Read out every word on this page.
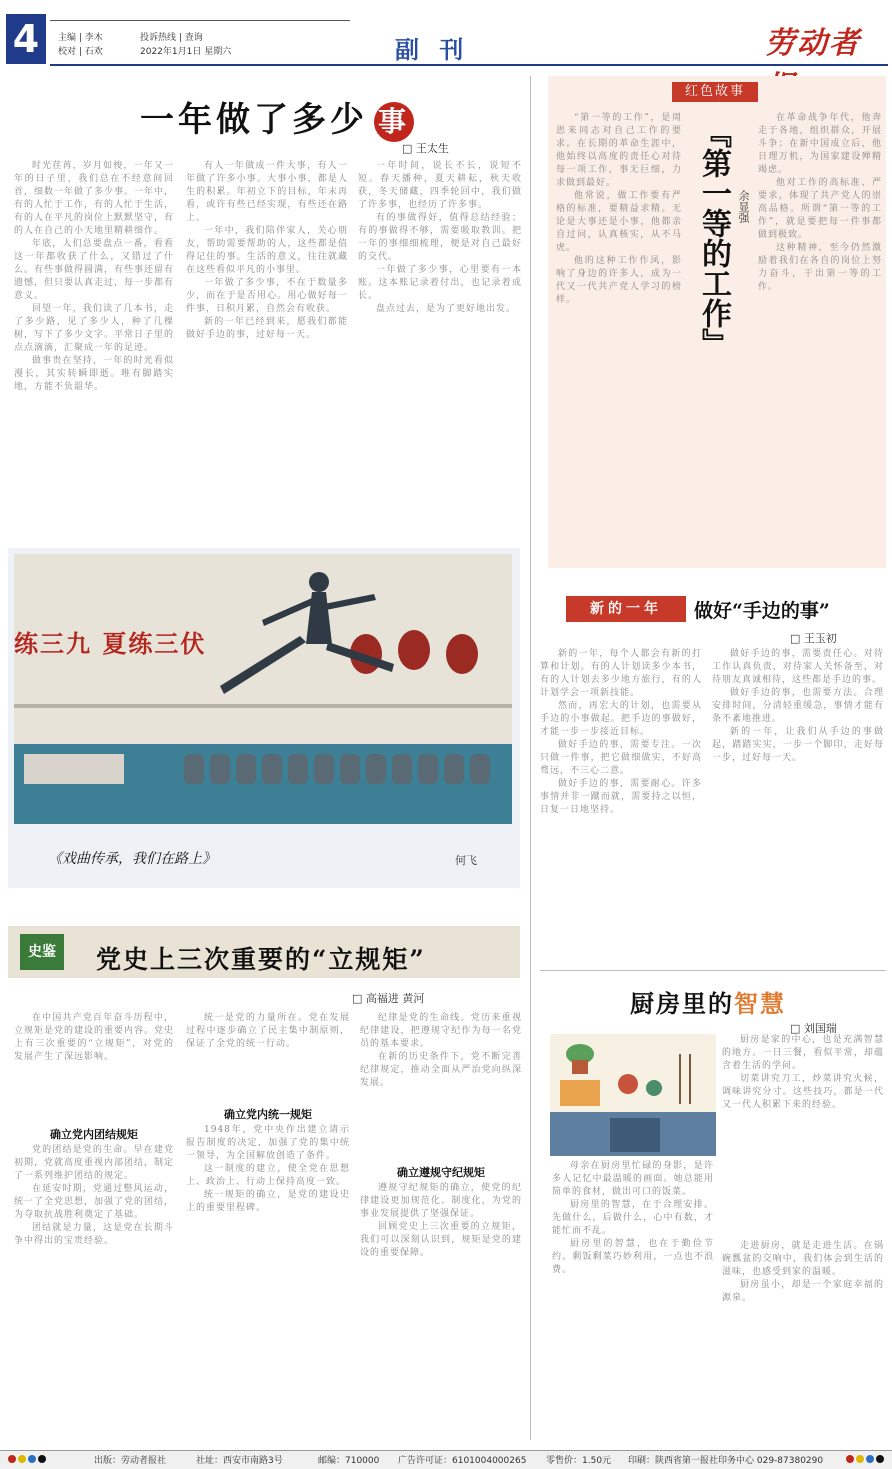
4	主编 | 李木
校对 | 石欢
投诉热线 | 查询
2022年1月1日 星期六	副 刊	劳动者
一年做了多少 事
□ 王太生

时光荏苒，岁月如梭，一年又一年的日子里，我们总在不经意间回首，细数一年做了多少事。一年中，有的人忙于工作，有的人忙于生活，有的人在平凡的岗位上默默坚守，有的人在自己的小天地里精耕细作。

年底，人们总要盘点一番，看看这一年都收获了什么，又错过了什么。有些事做得圆满，有些事还留有遗憾，但只要认真走过，每一步都有意义。

回望一年，我们读了几本书，走了多少路，见了多少人，种了几棵树，写下了多少文字。平常日子里的点点滴滴，汇聚成一年的足迹。

做事贵在坚持，一年的时光看似漫长，其实转瞬即逝。唯有脚踏实地，方能不负韶华。

有人一年做成一件大事，有人一年做了许多小事。大事小事，都是人生的积累。年初立下的目标，年末再看，或许有些已经实现，有些还在路上。

一年中，我们陪伴家人，关心朋友，帮助需要帮助的人，这些都是值得记住的事。生活的意义，往往就藏在这些看似平凡的小事里。

一年做了多少事，不在于数量多少，而在于是否用心。用心做好每一件事，日积月累，自然会有收获。

新的一年已经到来，愿我们都能做好手边的事，过好每一天。

一年时间，说长不长，说短不短。春天播种，夏天耕耘，秋天收获，冬天储藏，四季轮回中，我们做了许多事，也经历了许多事。

有的事做得好，值得总结经验；有的事做得不够，需要吸取教训。把一年的事细细梳理，便是对自己最好的交代。

一年做了多少事，心里要有一本账。这本账记录着付出，也记录着成长。

盘点过去，是为了更好地出发。

红色故事
『第一等的工作』 余显强

“第一等的工作”，是周恩来同志对自己工作的要求。在长期的革命生涯中，他始终以高度的责任心对待每一项工作，事无巨细，力求做到最好。

他常说，做工作要有严格的标准，要精益求精。无论是大事还是小事，他都亲自过问，认真核实，从不马虎。

他的这种工作作风，影响了身边的许多人，成为一代又一代共产党人学习的榜样。

在革命战争年代，他奔走于各地，组织群众，开展斗争；在新中国成立后，他日理万机，为国家建设殚精竭虑。

他对工作的高标准、严要求，体现了共产党人的崇高品格。所谓“第一等的工作”，就是要把每一件事都做到极致。

这种精神，至今仍然激励着我们在各自的岗位上努力奋斗，干出第一等的工作。

练三九 夏练三伏
《戏曲传承，我们在路上》	何飞
新的一年	做好“手边的事”
□ 王玉初

新的一年，每个人都会有新的打算和计划。有的人计划读多少本书，有的人计划去多少地方旅行，有的人计划学会一项新技能。

然而，再宏大的计划，也需要从手边的小事做起。把手边的事做好，才能一步一步接近目标。

做好手边的事，需要专注。一次只做一件事，把它做细做实，不好高骛远，不三心二意。

做好手边的事，需要耐心。许多事情并非一蹴而就，需要持之以恒，日复一日地坚持。

做好手边的事，需要责任心。对待工作认真负责，对待家人关怀备至，对待朋友真诚相待，这些都是手边的事。

做好手边的事，也需要方法。合理安排时间，分清轻重缓急，事情才能有条不紊地推进。

新的一年，让我们从手边的事做起，踏踏实实，一步一个脚印，走好每一步，过好每一天。

史鉴	党史上三次重要的“立规矩”
□ 高福进 黄河

在中国共产党百年奋斗历程中，立规矩是党的建设的重要内容。党史上有三次重要的“立规矩”，对党的发展产生了深远影响。

确立党内团结规矩

党的团结是党的生命。早在建党初期，党就高度重视内部团结，制定了一系列维护团结的规定。

在延安时期，党通过整风运动，统一了全党思想，加强了党的团结，为夺取抗战胜利奠定了基础。

团结就是力量，这是党在长期斗争中得出的宝贵经验。

统一是党的力量所在。党在发展过程中逐步确立了民主集中制原则，保证了全党的统一行动。

确立党内统一规矩

1948年，党中央作出建立请示报告制度的决定，加强了党的集中统一领导，为全国解放创造了条件。

这一制度的建立，使全党在思想上、政治上、行动上保持高度一致。

统一规矩的确立，是党的建设史上的重要里程碑。

纪律是党的生命线。党历来重视纪律建设，把遵规守纪作为每一名党员的基本要求。

在新的历史条件下，党不断完善纪律规定，推动全面从严治党向纵深发展。

确立遵规守纪规矩

遵规守纪规矩的确立，使党的纪律建设更加规范化、制度化，为党的事业发展提供了坚强保证。

回顾党史上三次重要的立规矩，我们可以深刻认识到，规矩是党的建设的重要保障。

厨房里的智慧
□ 刘国瑞

厨房是家的中心，也是充满智慧的地方。一日三餐，看似平常，却蕴含着生活的学问。

切菜讲究刀工，炒菜讲究火候，调味讲究分寸。这些技巧，都是一代又一代人积累下来的经验。

母亲在厨房里忙碌的身影，是许多人记忆中最温暖的画面。她总能用简单的食材，做出可口的饭菜。

厨房里的智慧，在于合理安排。先做什么，后做什么，心中有数，才能忙而不乱。

厨房里的智慧，也在于勤俭节约。剩饭剩菜巧妙利用，一点也不浪费。

走进厨房，就是走进生活。在锅碗瓢盆的交响中，我们体会到生活的滋味，也感受到家的温暖。

厨房虽小，却是一个家庭幸福的源泉。

出版：劳动者报社	社址：西安市南路3号	邮编：710000 广告许可证：6101004000265 零售价：1.50元 印刷：陕西省第一报社印务中心 029-87380290
